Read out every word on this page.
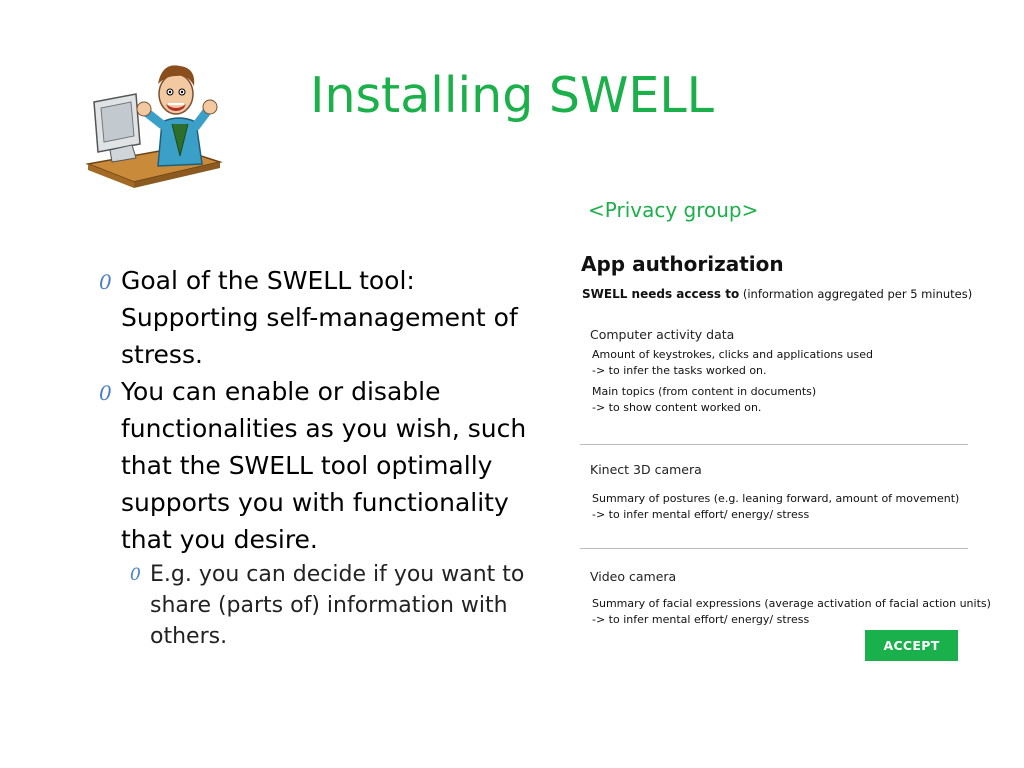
Installing SWELL
<Privacy group>
0 Goal of the SWELL tool: Supporting self-management of stress.
0 You can enable or disable functionalities as you wish, such that the SWELL tool optimally supports you with functionality that you desire.
0 E.g. you can decide if you want to share (parts of) information with others.
App authorization
SWELL needs access to (information aggregated per 5 minutes)
Computer activity data
Amount of keystrokes, clicks and applications used
-> to infer the tasks worked on.
Main topics (from content in documents)
-> to show content worked on.
Kinect 3D camera
Summary of postures (e.g. leaning forward, amount of movement)
-> to infer mental effort/ energy/ stress
Video camera
Summary of facial expressions (average activation of facial action units)
-> to infer mental effort/ energy/ stress
ACCEPT
